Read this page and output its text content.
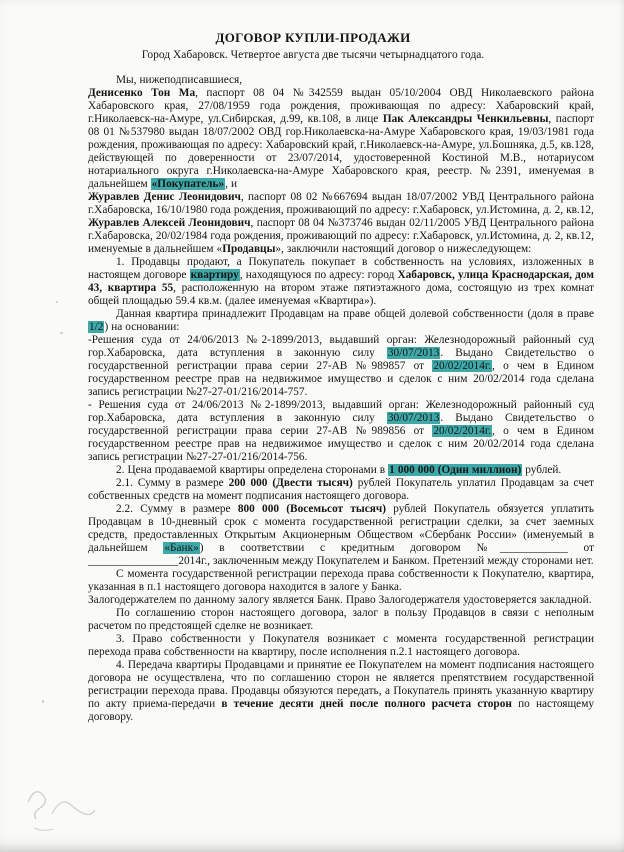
ДОГОВОР КУПЛИ-ПРОДАЖИ
Город Хабаровск. Четвертое августа две тысячи четырнадцатого года.

Мы, нижеподписавшиеся,

Денисенко Тон Ма, паспорт 08 04 №342559 выдан 05/10/2004 ОВД Николаевского района Хабаровского края, 27/08/1959 года рождения, проживающая по адресу: Хабаровский край, г.Николаевск-на-Амуре, ул.Сибирская, д.99, кв.108, в лице Пак Александры Ченкильевны, паспорт 08 01 №537980 выдан 18/07/2002 ОВД гор.Николаевска-на-Амуре Хабаровского края, 19/03/1981 года рождения, проживающая по адресу: Хабаровский край, г.Николаевск-на-Амуре, ул.Бошняка, д.5, кв.128, действующей по доверенности от 23/07/2014, удостоверенной Костиной М.В., нотариусом нотариального округа г.Николаевска-на-Амуре Хабаровского края, реестр. №2391, именуемая в дальнейшем «Покупатель», и

Журавлев Денис Леонидович, паспорт 08 02 №667694 выдан 18/07/2002 УВД Центрального района г.Хабаровска, 16/10/1980 года рождения, проживающий по адресу: г.Хабаровск, ул.Истомина, д. 2, кв.12,

Журавлев Алексей Леонидович, паспорт 08 04 №373746 выдан 02/11/2005 УВД Центрального района г.Хабаровска, 20/02/1984 года рождения, проживающий по адресу: г.Хабаровск, ул.Истомина, д. 2, кв.12, именуемые в дальнейшем «Продавцы», заключили настоящий договор о нижеследующем:

1. Продавцы продают, а Покупатель покупает в собственность на условиях, изложенных в настоящем договоре квартиру, находящуюся по адресу: город Хабаровск, улица Краснодарская, дом 43, квартира 55, расположенную на втором этаже пятиэтажного дома, состоящую из трех комнат общей площадью 59.4 кв.м. (далее именуемая «Квартира»).

Данная квартира принадлежит Продавцам на праве общей долевой собственности (доля в праве 1/2) на основании:

-Решения суда от 24/06/2013 №2-1899/2013, выдавший орган: Железнодорожный районный суд гор.Хабаровска, дата вступления в законную силу 30/07/2013. Выдано Свидетельство о государственной регистрации права серии 27-АВ №989857 от 20/02/2014г., о чем в Едином государственном реестре прав на недвижимое имущество и сделок с ним 20/02/2014 года сделана запись регистрации №27-27-01/216/2014-757.

- Решения суда от 24/06/2013 №2-1899/2013, выдавший орган: Железнодорожный районный суд гор.Хабаровска, дата вступления в законную силу 30/07/2013. Выдано Свидетельство о государственной регистрации права серии 27-АВ №989856 от 20/02/2014г., о чем в Едином государственном реестре прав на недвижимое имущество и сделок с ним 20/02/2014 года сделана запись регистрации №27-27-01/216/2014-756.

2. Цена продаваемой квартиры определена сторонами в 1 000 000 (Один миллион) рублей.

2.1. Сумму в размере 200 000 (Двести тысяч) рублей Покупатель уплатил Продавцам за счет собственных средств на момент подписания настоящего договора.

2.2. Сумму в размере 800 000 (Восемьсот тысяч) рублей Покупатель обязуется уплатить Продавцам в 10-дневный срок с момента государственной регистрации сделки, за счет заемных средств, предоставленных Открытым Акционерным Обществом «Сбербанк России» (именуемый в дальнейшем «Банк») в соответствии с кредитным договором №____________ от ________________2014г., заключенным между Покупателем и Банком. Претензий между сторонами нет.

С момента государственной регистрации перехода права собственности к Покупателю, квартира, указанная в п.1 настоящего договора находится в залоге у Банка.

Залогодержателем по данному залогу является Банк. Право Залогодержателя удостоверяется закладной.

По соглашению сторон настоящего договора, залог в пользу Продавцов в связи с неполным расчетом по предстоящей сделке не возникает.

3. Право собственности у Покупателя возникает с момента государственной регистрации перехода права собственности на квартиру, после исполнения п.2.1 настоящего договора.

4. Передача квартиры Продавцами и принятие ее Покупателем на момент подписания настоящего договора не осуществлена, что по соглашению сторон не является препятствием государственной регистрации перехода права. Продавцы обязуются передать, а Покупатель принять указанную квартиру по акту приема-передачи в течение десяти дней после полного расчета сторон по настоящему договору.
